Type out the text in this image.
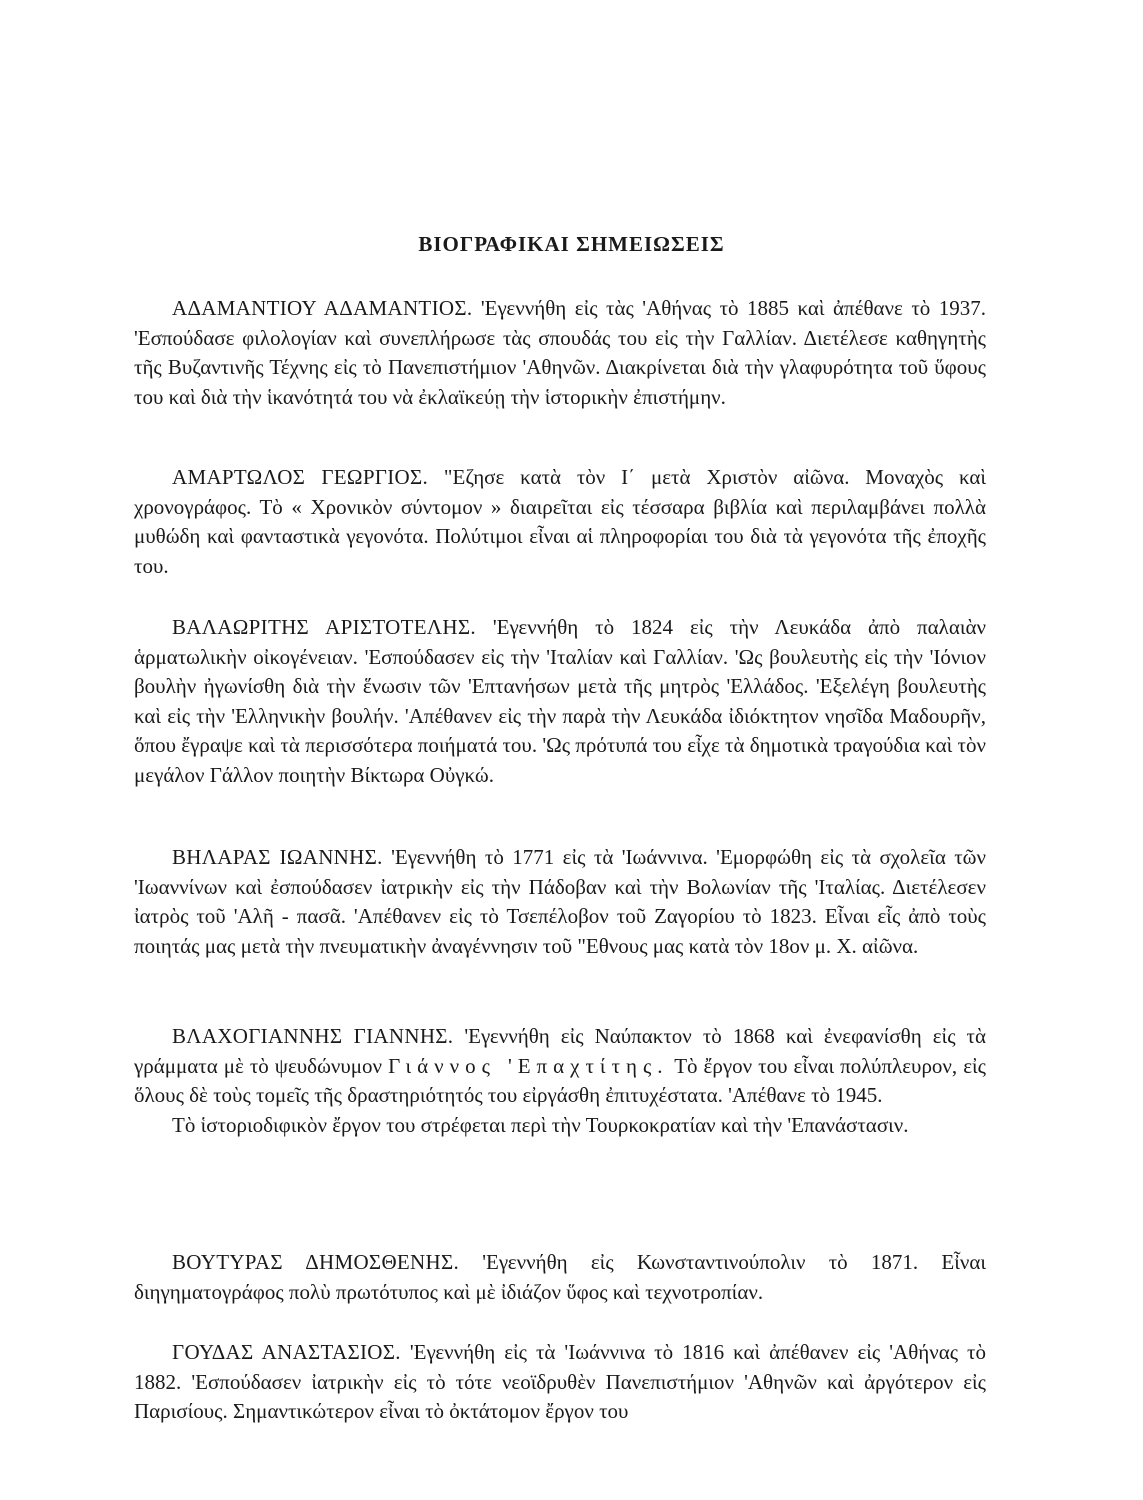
ΒΙΟΓΡΑΦΙΚΑΙ ΣΗΜΕΙΩΣΕΙΣ

ΑΔΑΜΑΝΤΙΟΥ ΑΔΑΜΑΝΤΙΟΣ. 'Εγεννήθη εἰς τὰς 'Αθήνας τὸ 1885 καὶ ἀπέθανε τὸ 1937. 'Εσπούδασε φιλολογίαν καὶ συνεπλήρωσε τὰς σπουδάς του εἰς τὴν Γαλλίαν. Διετέλεσε καθηγητὴς τῆς Βυζαντινῆς Τέχνης εἰς τὸ Πανεπιστήμιον 'Αθηνῶν. Διακρίνεται διὰ τὴν γλαφυρότητα τοῦ ὕφους του καὶ διὰ τὴν ἱκανότητά του νὰ ἐκλαϊκεύῃ τὴν ἱστορικὴν ἐπιστήμην.

ΑΜΑΡΤΩΛΟΣ ΓΕΩΡΓΙΟΣ. "Εζησε κατὰ τὸν Ι΄ μετὰ Χριστὸν αἰῶνα. Μοναχὸς καὶ χρονογράφος. Τὸ « Χρονικὸν σύντομον » διαιρεῖται εἰς τέσσαρα βιβλία καὶ περιλαμβάνει πολλὰ μυθώδη καὶ φανταστικὰ γεγονότα. Πολύτιμοι εἶναι αἱ πληροφορίαι του διὰ τὰ γεγονότα τῆς ἐποχῆς του.

ΒΑΛΑΩΡΙΤΗΣ ΑΡΙΣΤΟΤΕΛΗΣ. 'Εγεννήθη τὸ 1824 εἰς τὴν Λευκάδα ἀπὸ παλαιὰν ἁρματωλικὴν οἰκογένειαν. 'Εσπούδασεν εἰς τὴν 'Ιταλίαν καὶ Γαλλίαν. 'Ως βουλευτὴς εἰς τὴν 'Ιόνιον βουλὴν ἠγωνίσθη διὰ τὴν ἕνωσιν τῶν 'Επτανήσων μετὰ τῆς μητρὸς 'Ελλάδος. 'Εξελέγη βουλευτὴς καὶ εἰς τὴν 'Ελληνικὴν βουλήν. 'Απέθανεν εἰς τὴν παρὰ τὴν Λευκάδα ἰδιόκτητον νησῖδα Μαδουρῆν, ὅπου ἔγραψε καὶ τὰ περισσότερα ποιήματά του. 'Ως πρότυπά του εἶχε τὰ δημοτικὰ τραγούδια καὶ τὸν μεγάλον Γάλλον ποιητὴν Βίκτωρα Οὐγκώ.

ΒΗΛΑΡΑΣ ΙΩΑΝΝΗΣ. 'Εγεννήθη τὸ 1771 εἰς τὰ 'Ιωάννινα. 'Εμορφώθη εἰς τὰ σχολεῖα τῶν 'Ιωαννίνων καὶ ἐσπούδασεν ἰατρικὴν εἰς τὴν Πάδοβαν καὶ τὴν Βολωνίαν τῆς 'Ιταλίας. Διετέλεσεν ἰατρὸς τοῦ 'Αλῆ - πασᾶ. 'Απέθανεν εἰς τὸ Τσεπέλοβον τοῦ Ζαγορίου τὸ 1823. Εἶναι εἷς ἀπὸ τοὺς ποιητάς μας μετὰ τὴν πνευματικὴν ἀναγέννησιν τοῦ "Εθνους μας κατὰ τὸν 18ον μ. Χ. αἰῶνα.

ΒΛΑΧΟΓΙΑΝΝΗΣ ΓΙΑΝΝΗΣ. 'Εγεννήθη εἰς Ναύπακτον τὸ 1868 καὶ ἐνεφανίσθη εἰς τὰ γράμματα μὲ τὸ ψευδώνυμον Γιάννος 'Επαχτίτης. Τὸ ἔργον του εἶναι πολύπλευρον, εἰς ὅλους δὲ τοὺς τομεῖς τῆς δραστηριότητός του εἰργάσθη ἐπιτυχέστατα. 'Απέθανε τὸ 1945.

Τὸ ἱστοριοδιφικὸν ἔργον του στρέφεται περὶ τὴν Τουρκοκρατίαν καὶ τὴν 'Επανάστασιν.

ΒΟΥΤΥΡΑΣ ΔΗΜΟΣΘΕΝΗΣ. 'Εγεννήθη εἰς Κωνσταντινούπολιν τὸ 1871. Εἶναι διηγηματογράφος πολὺ πρωτότυπος καὶ μὲ ἰδιάζον ὕφος καὶ τεχνοτροπίαν.

ΓΟΥΔΑΣ ΑΝΑΣΤΑΣΙΟΣ. 'Εγεννήθη εἰς τὰ 'Ιωάννινα τὸ 1816 καὶ ἀπέθανεν εἰς 'Αθήνας τὸ 1882. 'Εσπούδασεν ἰατρικὴν εἰς τὸ τότε νεοϊδρυθὲν Πανεπιστήμιον 'Αθηνῶν καὶ ἀργότερον εἰς Παρισίους. Σημαντικώτερον εἶναι τὸ ὀκτάτομον ἔργον του
